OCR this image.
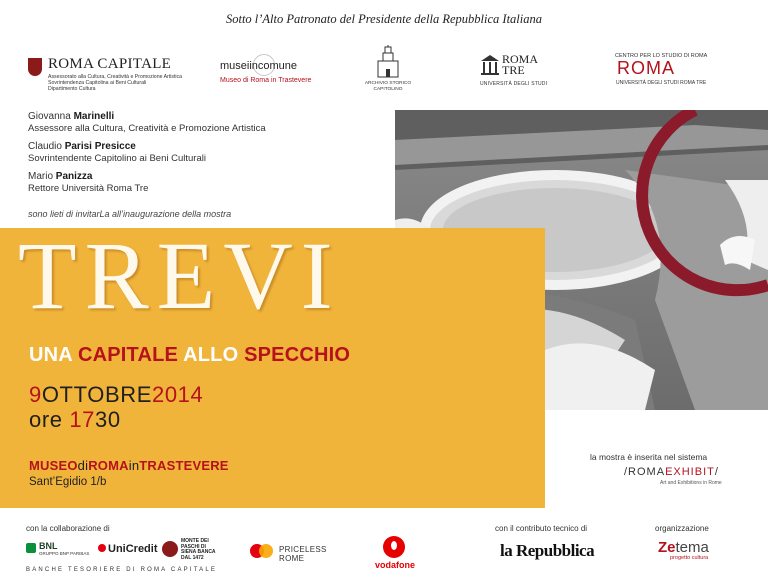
Sotto l’Alto Patronato del Presidente della Repubblica Italiana
ROMA CAPITALE
Assessorato alla Cultura, Creatività e Promozione Artistica
Sovrintendenza Capitolina ai Beni Culturali
Dipartimento Cultura
museiincomune
Museo di Roma in Trastevere	ARCHIVIO STORICO
CAPITOLINO
ROMA
TRE
UNIVERSITÀ DEGLI STUDI
CENTRO PER LO STUDIO DI ROMA
ROMA
UNIVERSITÀ DEGLI STUDI ROMA TRE
Giovanna Marinelli
Assessore alla Cultura, Creatività e Promozione Artistica
Claudio Parisi Presicce
Sovrintendente Capitolino ai Beni Culturali
Mario Panizza
Rettore Università Roma Tre
sono lieti di invitarLa all’inaugurazione della mostra
TREVI
UNA CAPITALE ALLO SPECCHIO
9OTTOBRE2014
ore 1730
MUSEOdiROMAinTRASTEVERE
Sant’Egidio 1/b
la mostra è inserita nel sistema
/ROMAEXHIBIT/
Art and Exhibitions in Rome
con la collaborazione di	con il contributo tecnico di	organizzazione
BNL
GRUPPO BNP PARIBAS	UniCredit
MONTE DEI PASCHI DI SIENA BANCA DAL 1472
BANCHE TESORIERE DI ROMA CAPITALE
PRICELESS
ROME
vodafone
la Repubblica	Zetema
progetto cultura
